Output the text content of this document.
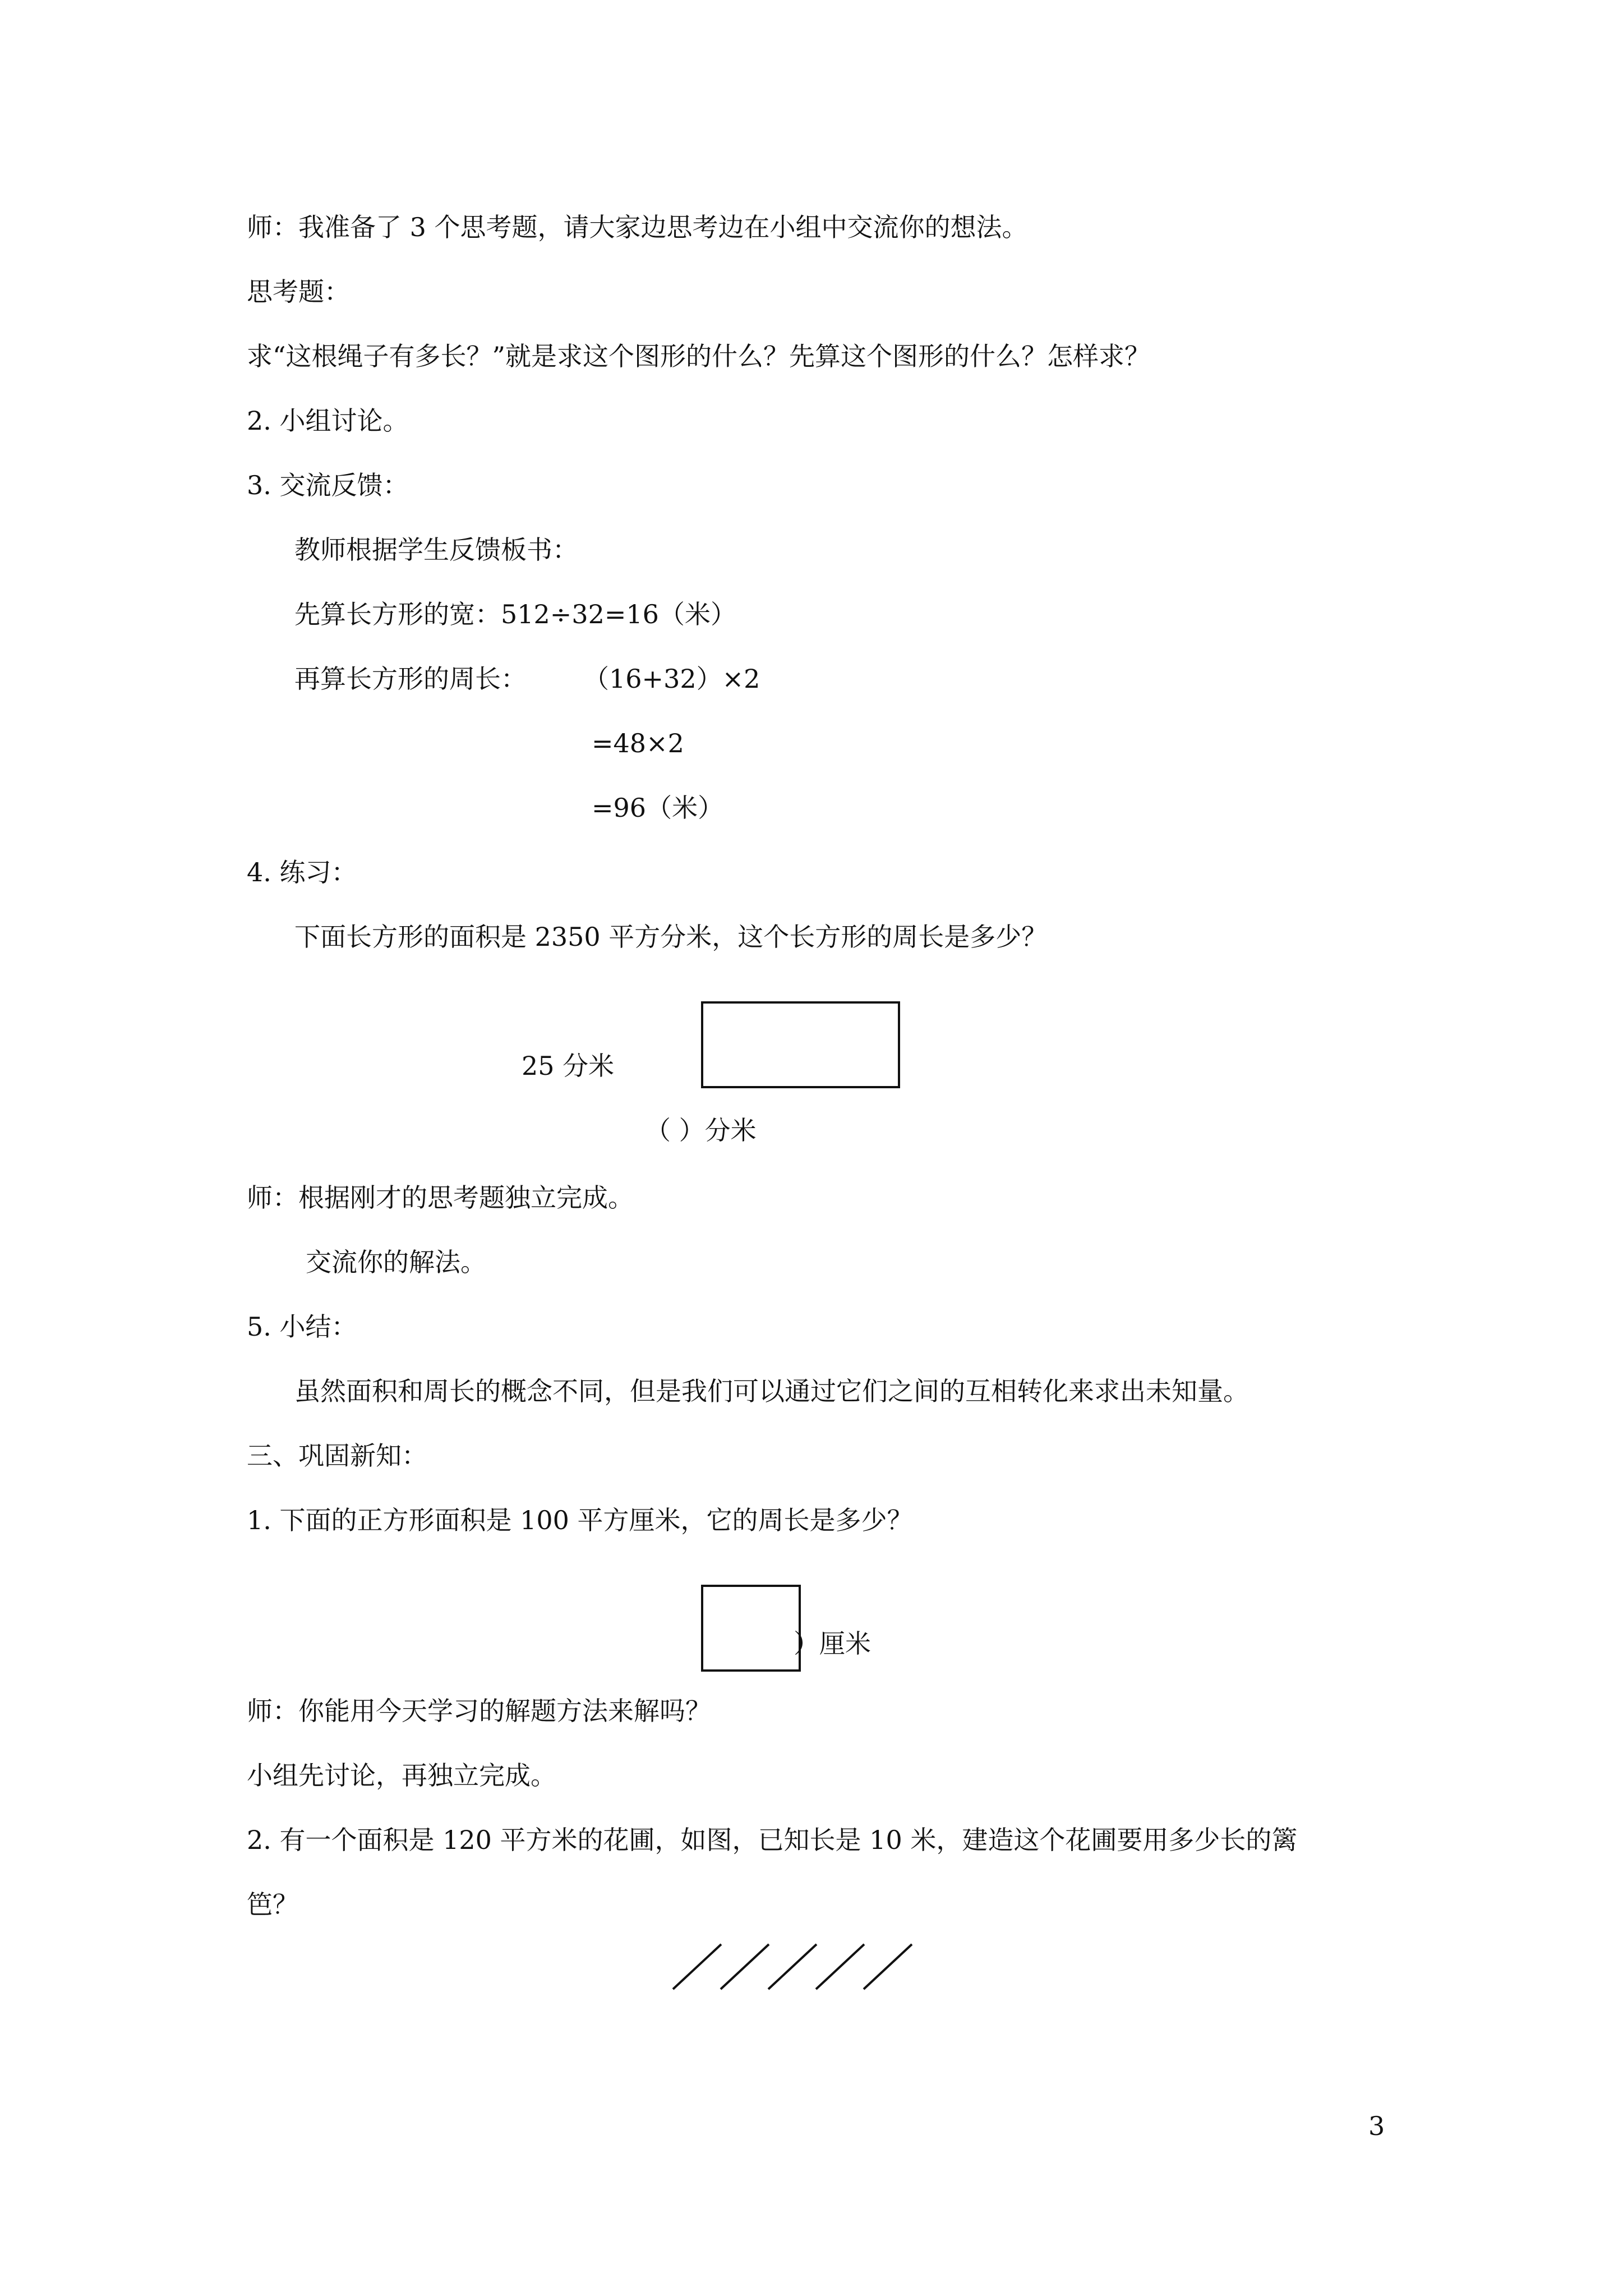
师：我准备了 3 个思考题，请大家边思考边在小组中交流你的想法。
思考题：
求“这根绳子有多长？”就是求这个图形的什么？先算这个图形的什么？怎样求？
2. 小组讨论。
3. 交流反馈：
教师根据学生反馈板书：
先算长方形的宽：512÷32=16（米）
再算长方形的周长： （16+32）×2
=48×2
=96（米）
4. 练习：
下面长方形的面积是 2350 平方分米，这个长方形的周长是多少？
25 分米
（ ）分米
师：根据刚才的思考题独立完成。
交流你的解法。
5. 小结：
虽然面积和周长的概念不同，但是我们可以通过它们之间的互相转化来求出未知量。
三、巩固新知：
1. 下面的正方形面积是 100 平方厘米，它的周长是多少？
）厘米
师：你能用今天学习的解题方法来解吗？
小组先讨论，再独立完成。
2. 有一个面积是 120 平方米的花圃，如图，已知长是 10 米，建造这个花圃要用多少长的篱
笆？
3
